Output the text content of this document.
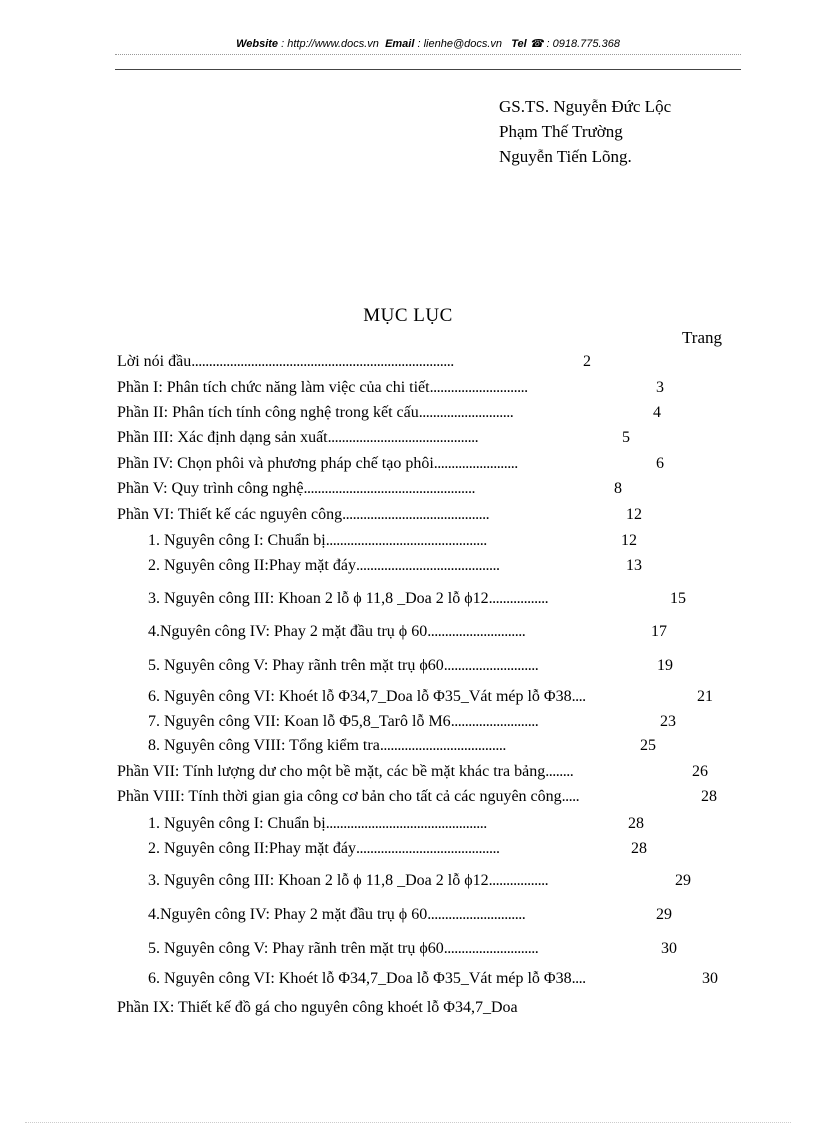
Website : http://www.docs.vn Email : lienhe@docs.vn Tel ☎ : 0918.775.368
GS.TS. Nguyễn Đức Lộc
Phạm Thế Trường
Nguyễn Tiến Lõng.
MỤC LỤC
Trang
Lời nói đầu...........................................................................	2
Phần I: Phân tích chức năng làm việc của chi tiết............................	3
Phần II: Phân tích tính công nghệ trong kết cấu...........................	4
Phần III: Xác định dạng sản xuất...........................................	5
Phần IV: Chọn phôi và phương pháp chế tạo phôi........................	6
Phần V: Quy trình công nghệ.................................................	8
Phần VI: Thiết kế các nguyên công..........................................	12
1. Nguyên công I: Chuẩn bị..............................................	12
2. Nguyên công II:Phay mặt đáy.........................................	13
3. Nguyên công III: Khoan 2 lỗ ϕ 11,8 _Doa 2 lỗ ϕ12.................	15
4.Nguyên công IV: Phay 2 mặt đầu trụ ϕ 60............................	17
5. Nguyên công V: Phay rãnh trên mặt trụ ϕ60...........................	19
6. Nguyên công VI: Khoét lỗ Φ34,7_Doa lỗ Φ35_Vát mép lỗ Φ38....	21
7. Nguyên công VII: Koan lỗ Φ5,8_Tarô lỗ M6.........................	23
8. Nguyên công VIII: Tổng kiểm tra....................................	25
Phần VII: Tính lượng dư cho một bề mặt, các bề mặt khác tra bảng........	26
Phần VIII: Tính thời gian gia công cơ bản cho tất cả các nguyên công.....	28
1. Nguyên công I: Chuẩn bị..............................................	28
2. Nguyên công II:Phay mặt đáy.........................................	28
3. Nguyên công III: Khoan 2 lỗ ϕ 11,8 _Doa 2 lỗ ϕ12.................	29
4.Nguyên công IV: Phay 2 mặt đầu trụ ϕ 60............................	29
5. Nguyên công V: Phay rãnh trên mặt trụ ϕ60...........................	30
6. Nguyên công VI: Khoét lỗ Φ34,7_Doa lỗ Φ35_Vát mép lỗ Φ38....	30
Phần IX: Thiết kế đồ gá cho nguyên công khoét lỗ Φ34,7_Doa
